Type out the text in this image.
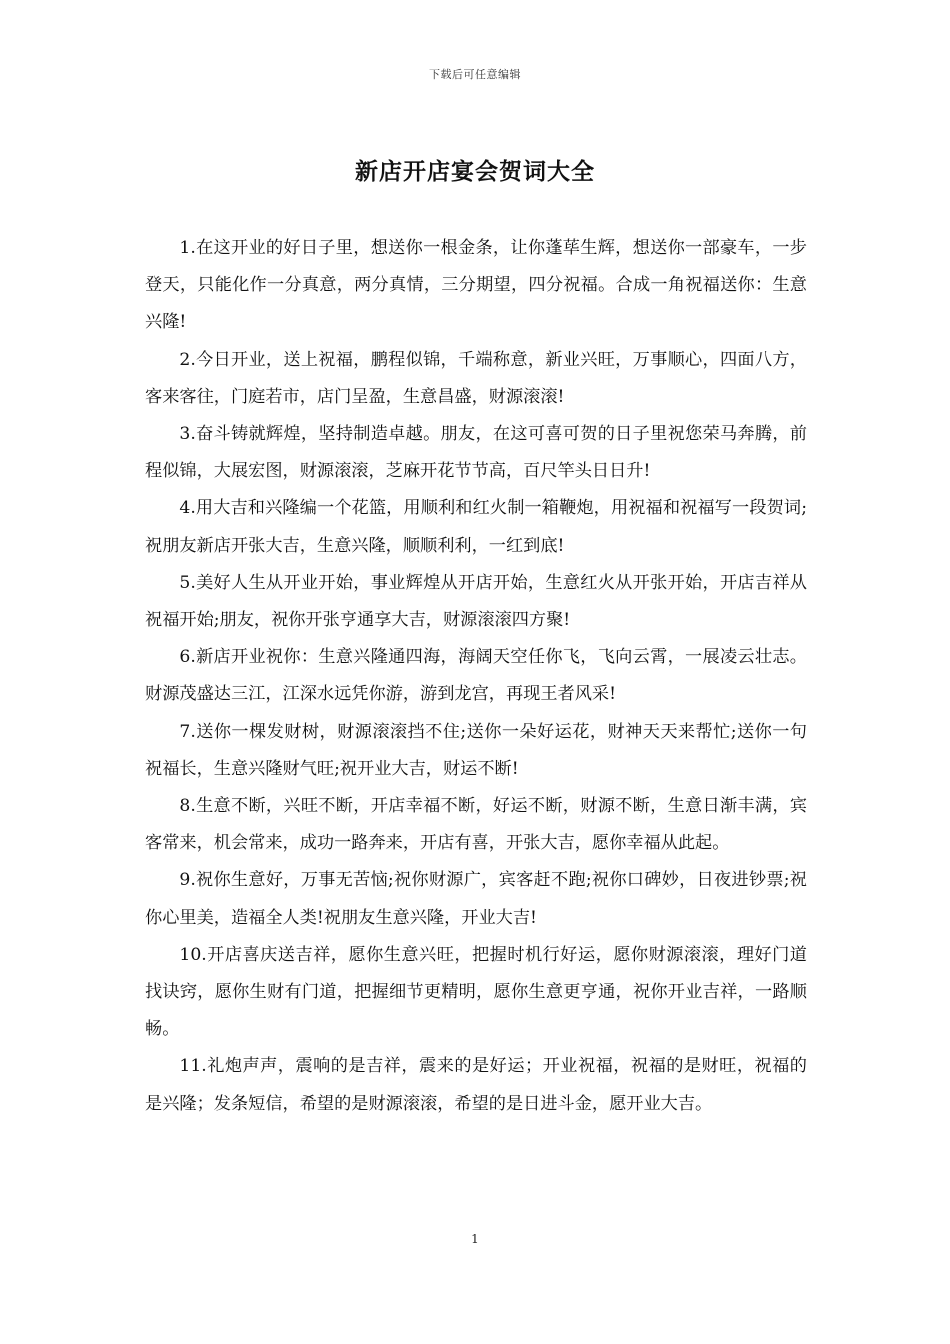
下载后可任意编辑
新店开店宴会贺词大全

1.在这开业的好日子里，想送你一根金条，让你蓬荜生辉，想送你一部豪车，一步登天，只能化作一分真意，两分真情，三分期望，四分祝福。合成一角祝福送你：生意兴隆!

2.今日开业，送上祝福，鹏程似锦，千端称意，新业兴旺，万事顺心，四面八方，客来客往，门庭若市，店门呈盈，生意昌盛，财源滚滚!

3.奋斗铸就辉煌，坚持制造卓越。朋友，在这可喜可贺的日子里祝您荣马奔腾，前程似锦，大展宏图，财源滚滚，芝麻开花节节高，百尺竿头日日升!

4.用大吉和兴隆编一个花篮，用顺利和红火制一箱鞭炮，用祝福和祝福写一段贺词;祝朋友新店开张大吉，生意兴隆，顺顺利利，一红到底!

5.美好人生从开业开始，事业辉煌从开店开始，生意红火从开张开始，开店吉祥从祝福开始;朋友，祝你开张亨通享大吉，财源滚滚四方聚!

6.新店开业祝你：生意兴隆通四海，海阔天空任你飞，飞向云霄，一展凌云壮志。财源茂盛达三江，江深水远凭你游，游到龙宫，再现王者风采!

7.送你一棵发财树，财源滚滚挡不住;送你一朵好运花，财神天天来帮忙;送你一句祝福长，生意兴隆财气旺;祝开业大吉，财运不断!

8.生意不断，兴旺不断，开店幸福不断，好运不断，财源不断，生意日渐丰满，宾客常来，机会常来，成功一路奔来，开店有喜，开张大吉，愿你幸福从此起。

9.祝你生意好，万事无苦恼;祝你财源广，宾客赶不跑;祝你口碑妙，日夜进钞票;祝你心里美，造福全人类!祝朋友生意兴隆，开业大吉!

10.开店喜庆送吉祥，愿你生意兴旺，把握时机行好运，愿你财源滚滚，理好门道找诀窍，愿你生财有门道，把握细节更精明，愿你生意更亨通，祝你开业吉祥，一路顺畅。

11.礼炮声声，震响的是吉祥，震来的是好运；开业祝福，祝福的是财旺，祝福的是兴隆；发条短信，希望的是财源滚滚，希望的是日进斗金，愿开业大吉。

1
